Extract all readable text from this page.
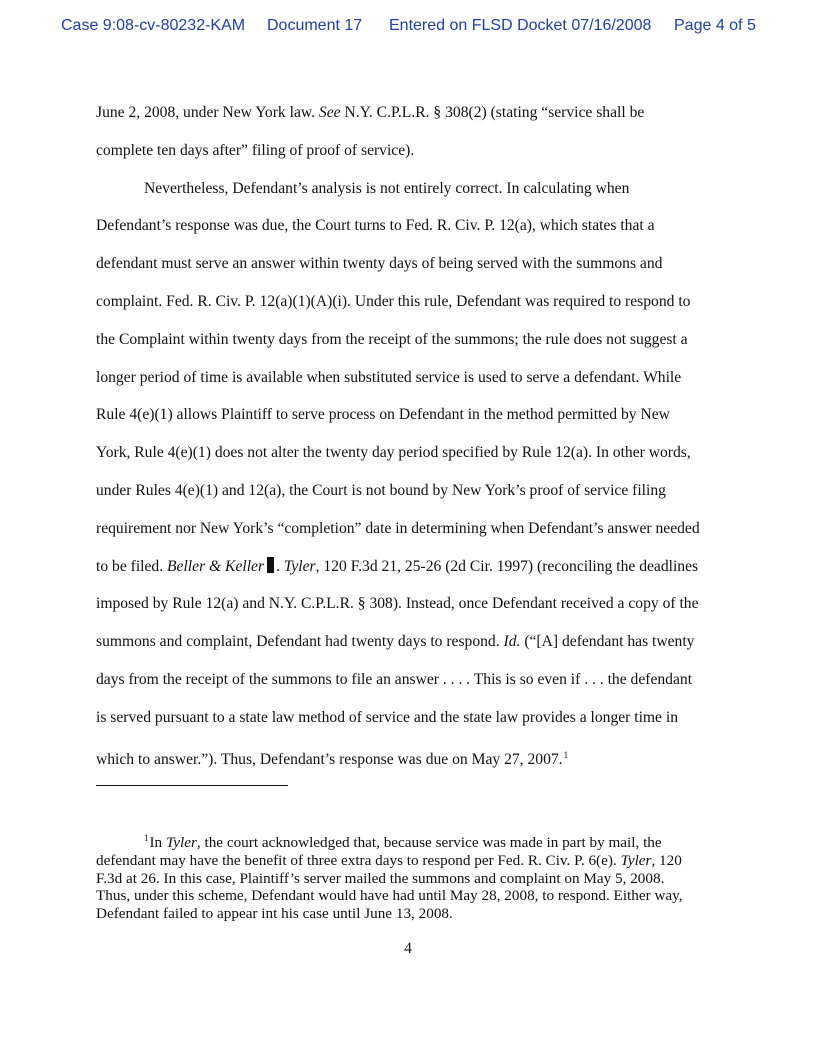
Case 9:08-cv-80232-KAM Document 17 Entered on FLSD Docket 07/16/2008 Page 4 of 5
June 2, 2008, under New York law. See N.Y. C.P.L.R. § 308(2) (stating “service shall be
complete ten days after” filing of proof of service).
Nevertheless, Defendant’s analysis is not entirely correct. In calculating when
Defendant’s response was due, the Court turns to Fed. R. Civ. P. 12(a), which states that a
defendant must serve an answer within twenty days of being served with the summons and
complaint. Fed. R. Civ. P. 12(a)(1)(A)(i). Under this rule, Defendant was required to respond to
the Complaint within twenty days from the receipt of the summons; the rule does not suggest a
longer period of time is available when substituted service is used to serve a defendant. While
Rule 4(e)(1) allows Plaintiff to serve process on Defendant in the method permitted by New
York, Rule 4(e)(1) does not alter the twenty day period specified by Rule 12(a). In other words,
under Rules 4(e)(1) and 12(a), the Court is not bound by New York’s proof of service filing
requirement nor New York’s “completion” date in determining when Defendant’s answer needed
to be filed. Beller & Keller . Tyler, 120 F.3d 21, 25-26 (2d Cir. 1997) (reconciling the deadlines
imposed by Rule 12(a) and N.Y. C.P.L.R. § 308). Instead, once Defendant received a copy of the
summons and complaint, Defendant had twenty days to respond. Id. (“[A] defendant has twenty
days from the receipt of the summons to file an answer . . . . This is so even if . . . the defendant
is served pursuant to a state law method of service and the state law provides a longer time in
which to answer.”). Thus, Defendant’s response was due on May 27, 2007.$^1$
$^1$In Tyler, the court acknowledged that, because service was made in part by mail, the
defendant may have the benefit of three extra days to respond per Fed. R. Civ. P. 6(e). Tyler, 120
F.3d at 26. In this case, Plaintiff’s server mailed the summons and complaint on May 5, 2008.
Thus, under this scheme, Defendant would have had until May 28, 2008, to respond. Either way,
Defendant failed to appear int his case until June 13, 2008.
4
